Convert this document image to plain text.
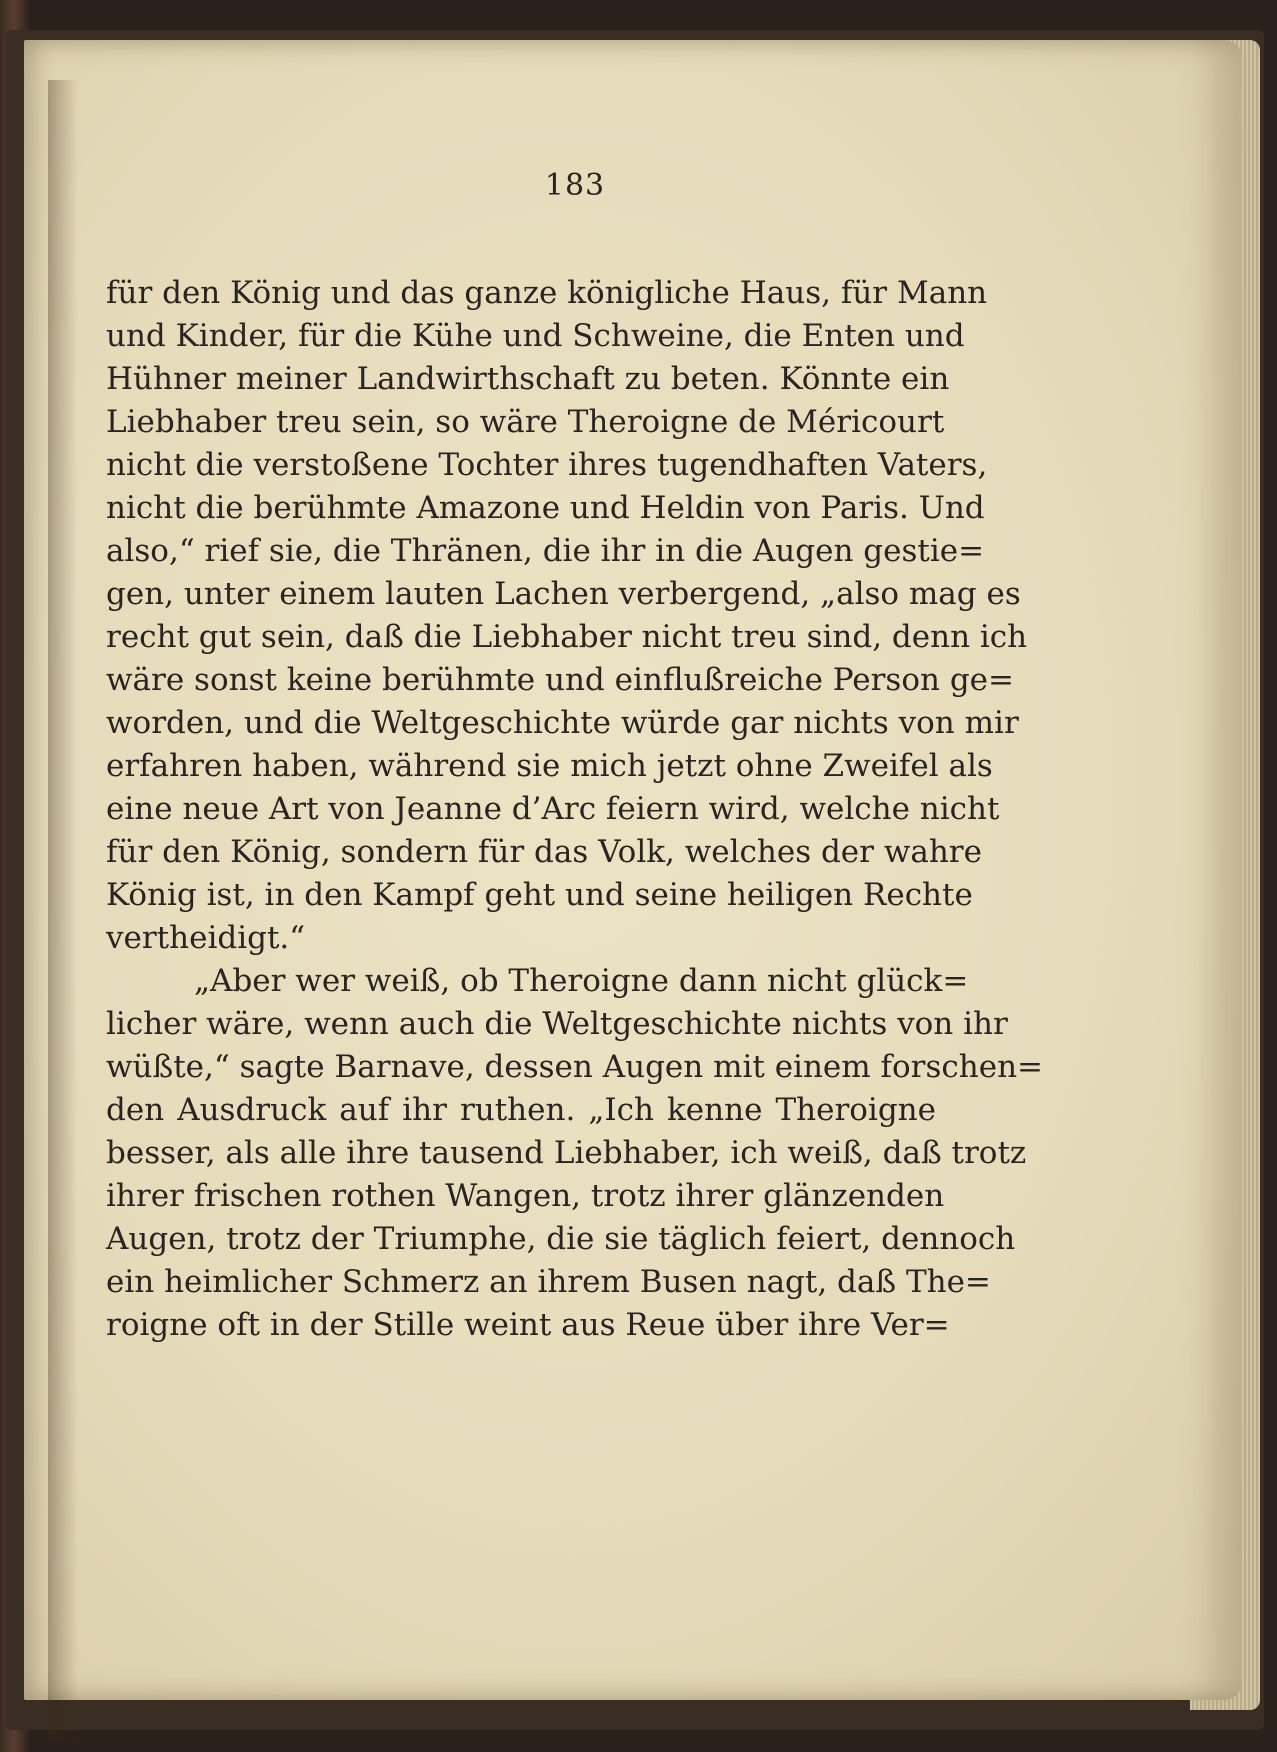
183
für den König und das ganze königliche Haus, für Mann
und Kinder, für die Kühe und Schweine, die Enten und
Hühner meiner Landwirthschaft zu beten. Könnte ein
Liebhaber treu sein, so wäre Theroigne de Méricourt
nicht die verstoßene Tochter ihres tugendhaften Vaters,
nicht die berühmte Amazone und Heldin von Paris. Und
also,“ rief sie, die Thränen, die ihr in die Augen gestie=
gen, unter einem lauten Lachen verbergend, „also mag es
recht gut sein, daß die Liebhaber nicht treu sind, denn ich
wäre sonst keine berühmte und einflußreiche Person ge=
worden, und die Weltgeschichte würde gar nichts von mir
erfahren haben, während sie mich jetzt ohne Zweifel als
eine neue Art von Jeanne d’Arc feiern wird, welche nicht
für den König, sondern für das Volk, welches der wahre
König ist, in den Kampf geht und seine heiligen Rechte
vertheidigt.“
„Aber wer weiß, ob Theroigne dann nicht glück=
licher wäre, wenn auch die Weltgeschichte nichts von ihr
wüßte,“ sagte Barnave, dessen Augen mit einem forschen=
den Ausdruck auf ihr ruthen. „Ich kenne Theroigne
besser, als alle ihre tausend Liebhaber, ich weiß, daß trotz
ihrer frischen rothen Wangen, trotz ihrer glänzenden
Augen, trotz der Triumphe, die sie täglich feiert, dennoch
ein heimlicher Schmerz an ihrem Busen nagt, daß The=
roigne oft in der Stille weint aus Reue über ihre Ver=
